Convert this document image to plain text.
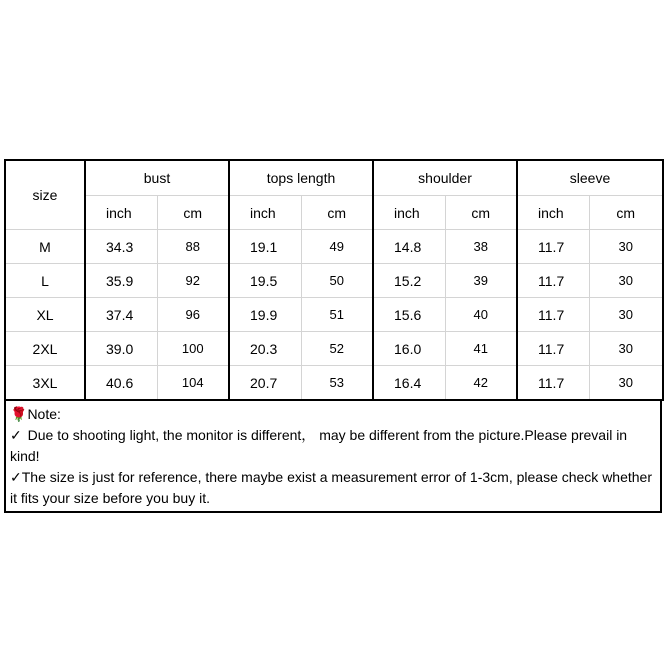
size	bust		tops length		shoulder		sleeve	
	inch	cm	inch	cm	inch	cm	inch	cm
M	34.3	88	19.1	49	14.8	38	11.7	30
L	35.9	92	19.5	50	15.2	39	11.7	30
XL	37.4	96	19.9	51	15.6	40	11.7	30
2XL	39.0	100	20.3	52	16.0	41	11.7	30
3XL	40.6	104	20.7	53	16.4	42	11.7	30
🌹Note:
✓ Due to shooting light, the monitor is different， may be different from the picture.Please prevail in kind!
✓The size is just for reference, there maybe exist a measurement error of 1-3cm, please check whether it fits your size before you buy it.
